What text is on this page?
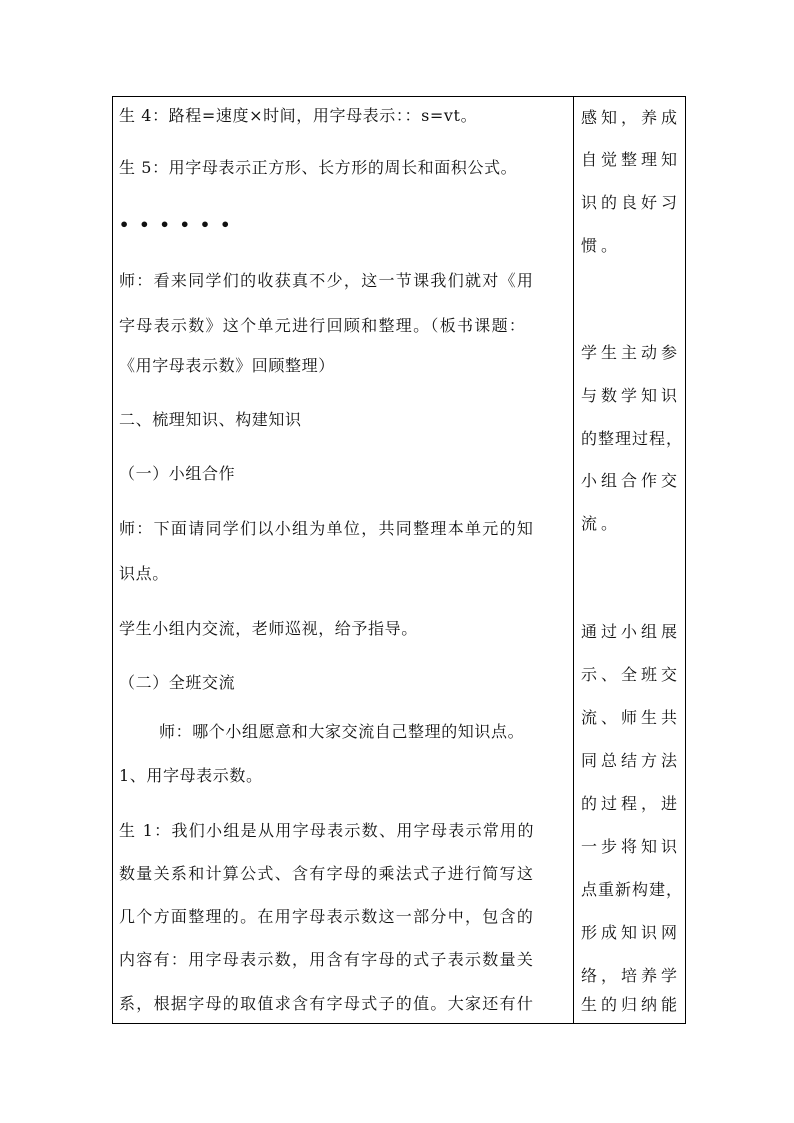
生 4：路程=速度×时间，用字母表示：：s=vt。
生 5：用字母表示正方形、长方形的周长和面积公式。
••••••
师：看来同学们的收获真不少，这一节课我们就对《用
字母表示数》这个单元进行回顾和整理。（板书课题：
《用字母表示数》回顾整理）
二、梳理知识、构建知识
（一）小组合作
师：下面请同学们以小组为单位，共同整理本单元的知
识点。
学生小组内交流，老师巡视，给予指导。
（二）全班交流
师：哪个小组愿意和大家交流自己整理的知识点。
1、用字母表示数。
生 1：我们小组是从用字母表示数、用字母表示常用的
数量关系和计算公式、含有字母的乘法式子进行简写这
几个方面整理的。在用字母表示数这一部分中，包含的
内容有：用字母表示数，用含有字母的式子表示数量关
系，根据字母的取值求含有字母式子的值。大家还有什
感知，养成
自觉整理知
识的良好习
惯。
学生主动参
与数学知识
的整理过程，
小组合作交
流。
通过小组展
示、全班交
流、师生共
同总结方法
的过程，进
一步将知识
点重新构建，
形成知识网
络，培养学
生的归纳能
